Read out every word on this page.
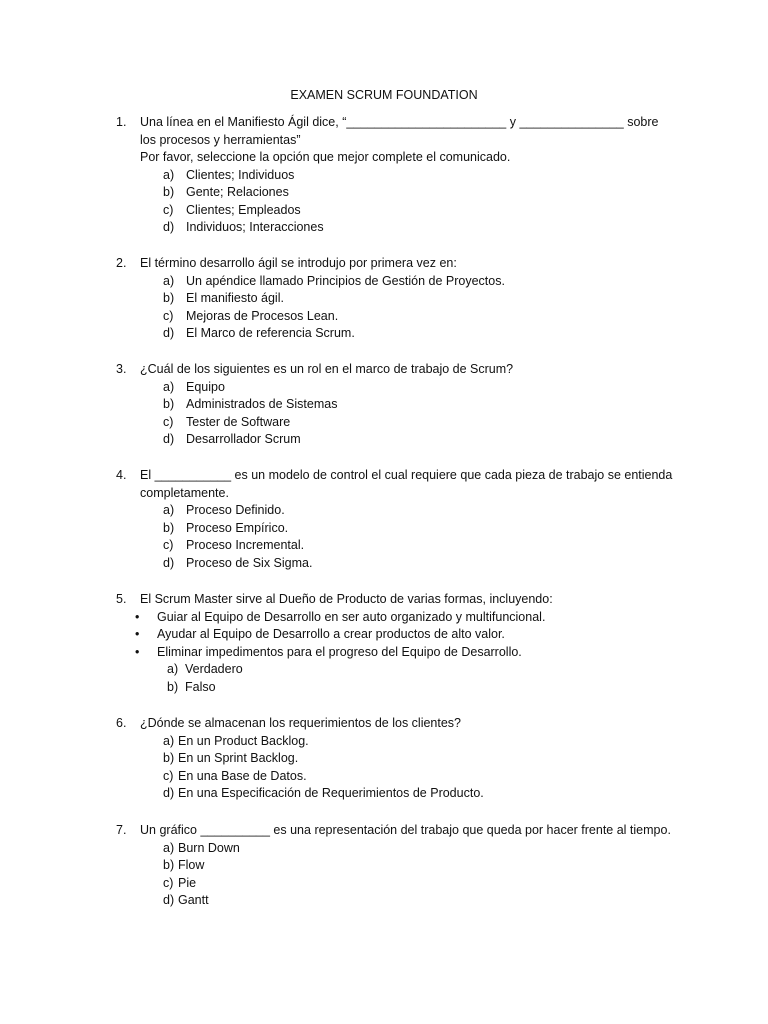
EXAMEN SCRUM FOUNDATION
1.	Una línea en el Manifiesto Ágil dice, “_______________________ y _______________ sobre los procesos y herramientas”
Por favor, seleccione la opción que mejor complete el comunicado.
a) Clientes; Individuos
b) Gente; Relaciones
c)	Clientes; Empleados
d) Individuos; Interacciones
2.	El término desarrollo ágil se introdujo por primera vez en:
a) Un apéndice llamado Principios de Gestión de Proyectos.
b) El manifiesto ágil.
c)	Mejoras de Procesos Lean.
d) El Marco de referencia Scrum.
3.	¿Cuál de los siguientes es un rol en el marco de trabajo de Scrum?
a) Equipo
b) Administrados de Sistemas
c)	Tester de Software
d) Desarrollador Scrum
4.	El ___________ es un modelo de control el cual requiere que cada pieza de trabajo se entienda completamente.
a) Proceso Definido.
b) Proceso Empírico.
c)	Proceso Incremental.
d) Proceso de Six Sigma.
5.	El Scrum Master sirve al Dueño de Producto de varias formas, incluyendo:
•	Guiar al Equipo de Desarrollo en ser auto organizado y multifuncional.
•	Ayudar al Equipo de Desarrollo a crear productos de alto valor.
•	Eliminar impedimentos para el progreso del Equipo de Desarrollo.
a) Verdadero
b) Falso
6.	¿Dónde se almacenan los requerimientos de los clientes?
a) En un Product Backlog.
b) En un Sprint Backlog.
c) En una Base de Datos.
d) En una Especificación de Requerimientos de Producto.
7.	Un gráfico __________ es una representación del trabajo que queda por hacer frente al tiempo.
a) Burn Down
b) Flow
c) Pie
d) Gantt
